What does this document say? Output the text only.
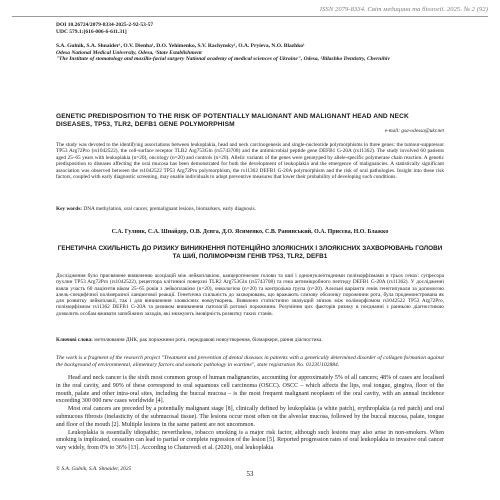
ISSN 2079-8334. Світ медицини та біології. 2025. № 2 (92)
DOI 10.26724/2079-8334-2025-2-92-53-57
UDC 579.1:[616-006-6-611.31]
S.A. Gulnik, S.A. Shnaider¹, O.V. Dienha¹, D.O. Yehimenko, S.V. Rachynsky¹, O.A. Pryieva, N.O. Blazhko¹
Odesa National Medical University, Odesa, ¹State Establishment
"The Institute of stomatology and maxillo-facial surgery National academy of medical sciences of Ukraine", Odesa, ²Bilashko Dentistry, Chernihiv
GENETIC PREDISPOSITION TO THE RISK OF POTENTIALLY MALIGNANT AND MALIGNANT HEAD AND NECK DISEASES, TP53, TLR2, DEFB1 GENE POLYMORPHISM
e-mail: gsa-odessa@ukr.net
The study was devoted to the identifying associations between leukoplakia, head and neck carcinogenesis and single-nucleotide polymorphisms in three genes: the tumour-suppressor TP53 Arg72Pro (rs1042522), the cell-surface receptor TLR2 Arg753Gln (rs5743708) and the antimicrobial peptide gene DEFB1 G-20A (rs11362). The study involved 60 patients aged 25–65 years with leukoplakia (n=20), oncology (n=20) and controls (n=20). Allelic variants of the genes were genotyped by allele-specific polymerase chain reaction. A genetic predisposition to diseases affecting the oral mucosa has been demonstrated for both the development of leukoplakia and the emergence of malignancies. A statistically significant association was observed between the rs1042522 TP53 Arg72Pro polymorphism, the rs11362 DEFB1 G-20A polymorphism and the risk of oral pathologies. Insight into these risk factors, coupled with early diagnostic screening, may enable individuals to adopt preventive measures that lower their probability of developing such conditions.
Key words: DNA methylation, oral cancer, premalignant lesions, biomarkers, early diagnosis.
С.А. Гулник, С.А. Шнайдер, О.В. Дєнга, Д.О. Ясименко, С.В. Ранинський, О.А. Присєва, Н.О. Блажко
ГЕНЕТИЧНА СХИЛЬНІСТЬ ДО РИЗИКУ ВИНИКНЕННЯ ПОТЕНЦІЙНО ЗЛОЯКІСНИХ І ЗЛОЯКІСНИХ ЗАХВОРЮВАНЬ ГОЛОВИ ТА ШИЇ, ПОЛІМОРФІЗМ ГЕНІВ TP53, TLR2, DEFB1
Дослідження було присвячене виявленню асоціацій між лейкоплакією, канцерогенезом голови та шиї і однонуклеотидними поліморфізмами в трьох генах: супресора пухлин TP53 Arg72Pro (rs1042522), рецептора клітинної поверхні TLR2 Arg753Gln (rs5743708) та гена антимікробного пептиду DEFB1 G-20A (rs11362). У дослідженні взяли участь 60 пацієнтів віком 25–65 років з лейкоплакією (n=20), онкологією (n=20) та контрольна група (n=20). Алельні варіанти генів генотипували за допомогою алель-специфічної полімеразної ланцюгової реакції. Генетична схильність до захворювань, що вражають слизову оболонку порожнини рота, була продемонстрована як для розвитку лейкоплакії, так і для виникнення злоякісних новоутворень. Виявлено статистично значущий зв'язок між поліморфізмом rs1042522 TP53 Arg72Pro, поліморфізмом rs11362 DEFB1 G-20A та ризиком виникнення патологій ротової порожнини. Розуміння цих факторів ризику в поєднанні з ранньою діагностикою дозволить особам вживати запобіжних заходів, які знижують імовірність розвитку таких станів.
Ключові слова: метилювання ДНК, рак порожнини рота, передракові новоутворення, біомаркери, рання діагностика.
The work is a fragment of the research project "Treatment and prevention of dental diseases in patients with a genetically determined disorder of collagen formation against the background of environmental, alimentary factors and somatic pathology in wartime", state registration No. 0123U102884.

Head and neck cancer is the sixth most common group of human malignancies, accounting for approximately 5% of all cancers; 48% of cases are localised in the oral cavity, and 90% of these correspond to oral squamous cell carcinoma (OSCC). OSCC – which affects the lips, oral tongue, gingiva, floor of the mouth, palate and other intra-oral sites, including the buccal mucosa – is the most frequent malignant neoplasm of the oral cavity, with an annual incidence exceeding 300 000 new cases worldwide [4].

Most oral cancers are preceded by a potentially malignant stage [8], clinically defined by leukoplakia (a white patch), erythroplakia (a red patch) and oral submucous fibrosis (inelasticity of the submucosal tissue). The lesions occur most often on the alveolar mucosa, followed by the buccal mucosa, palate, tongue and floor of the mouth [2]. Multiple lesions in the same patient are not uncommon.

Leukoplakia is essentially idiopathic; nevertheless, tobacco smoking is a major risk factor, although such lesions may also arise in non-smokers. When smoking is implicated, cessation can lead to partial or complete regression of the lesion [5]. Reported progression rates of oral leukoplakia to invasive oral cancer vary widely, from 0% to 36% [13]. According to Chaturvedi et al. (2020), oral leukoplakia

© S.A. Gulnik, S.A. Shnaider, 2025
53
